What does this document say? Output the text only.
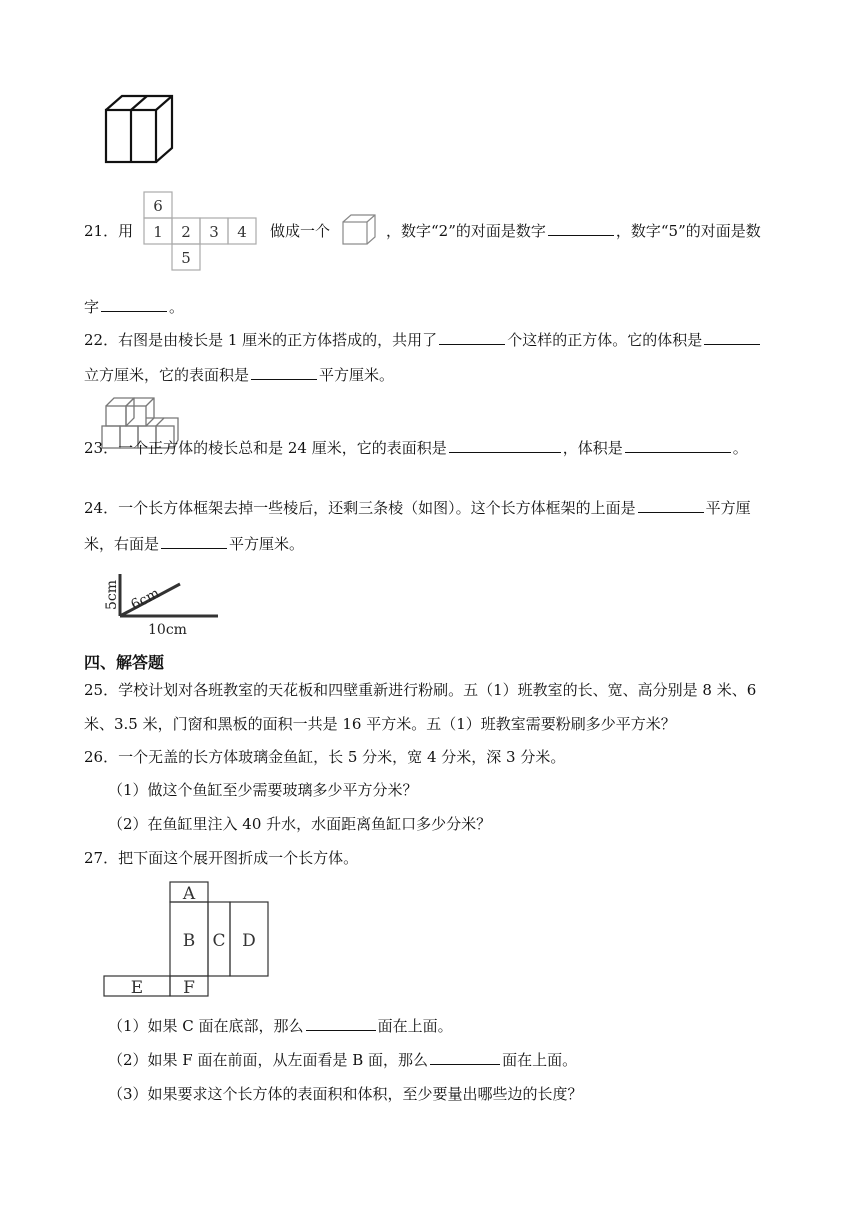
21．用
6
1 2 3 4
5
做成一个	，数字“2”的对面是数字	，数字“5”的对面是数
字	。
22．右图是由棱长是 1 厘米的正方体搭成的，共用了	个这样的正方体。它的体积是
立方厘米，它的表面积是	平方厘米。
23．一个正方体的棱长总和是 24 厘米，它的表面积是	，体积是	。
24．一个长方体框架去掉一些棱后，还剩三条棱（如图）。这个长方体框架的上面是	平方厘
米，右面是	平方厘米。
5cm 6cm
10cm
四、解答题
25．学校计划对各班教室的天花板和四壁重新进行粉刷。五（1）班教室的长、宽、高分别是 8 米、6
米、3.5 米，门窗和黑板的面积一共是 16 平方米。五（1）班教室需要粉刷多少平方米？
26．一个无盖的长方体玻璃金鱼缸，长 5 分米，宽 4 分米，深 3 分米。
（1）做这个鱼缸至少需要玻璃多少平方分米？
（2）在鱼缸里注入 40 升水，水面距离鱼缸口多少分米？
27．把下面这个展开图折成一个长方体。
A
B C D
E F
（1）如果 C 面在底部，那么	面在上面。
（2）如果 F 面在前面，从左面看是 B 面，那么	面在上面。
（3）如果要求这个长方体的表面积和体积，至少要量出哪些边的长度？
